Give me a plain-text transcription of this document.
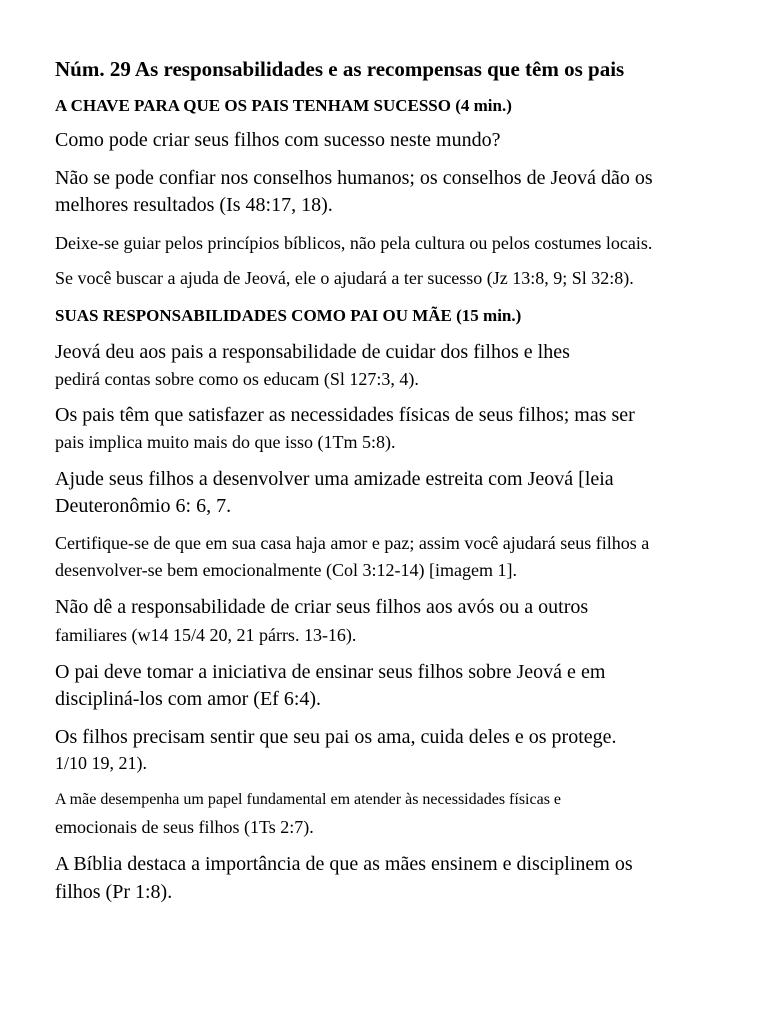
Núm. 29 As responsabilidades e as recompensas que têm os pais
A CHAVE PARA QUE OS PAIS TENHAM SUCESSO (4 min.)
Como pode criar seus filhos com sucesso neste mundo?
Não se pode confiar nos conselhos humanos; os conselhos de Jeová dão os
melhores resultados (Is 48:17, 18).
Deixe-se guiar pelos princípios bíblicos, não pela cultura ou pelos costumes locais.
Se você buscar a ajuda de Jeová, ele o ajudará a ter sucesso (Jz 13:8, 9; Sl 32:8).
SUAS RESPONSABILIDADES COMO PAI OU MÃE (15 min.)
Jeová deu aos pais a responsabilidade de cuidar dos filhos e lhes
pedirá contas sobre como os educam (Sl 127:3, 4).
Os pais têm que satisfazer as necessidades físicas de seus filhos; mas ser
pais implica muito mais do que isso (1Tm 5:8).
Ajude seus filhos a desenvolver uma amizade estreita com Jeová [leia
Deuteronômio 6: 6, 7.
Certifique-se de que em sua casa haja amor e paz; assim você ajudará seus filhos a
desenvolver-se bem emocionalmente (Col 3:12-14) [imagem 1].
Não dê a responsabilidade de criar seus filhos aos avós ou a outros
familiares (w14 15/4 20, 21 párrs. 13-16).
O pai deve tomar a iniciativa de ensinar seus filhos sobre Jeová e em
discipliná-los com amor (Ef 6:4).
Os filhos precisam sentir que seu pai os ama, cuida deles e os protege.
1/10 19, 21).
A mãe desempenha um papel fundamental em atender às necessidades físicas e
emocionais de seus filhos (1Ts 2:7).
A Bíblia destaca a importância de que as mães ensinem e disciplinem os
filhos (Pr 1:8).
